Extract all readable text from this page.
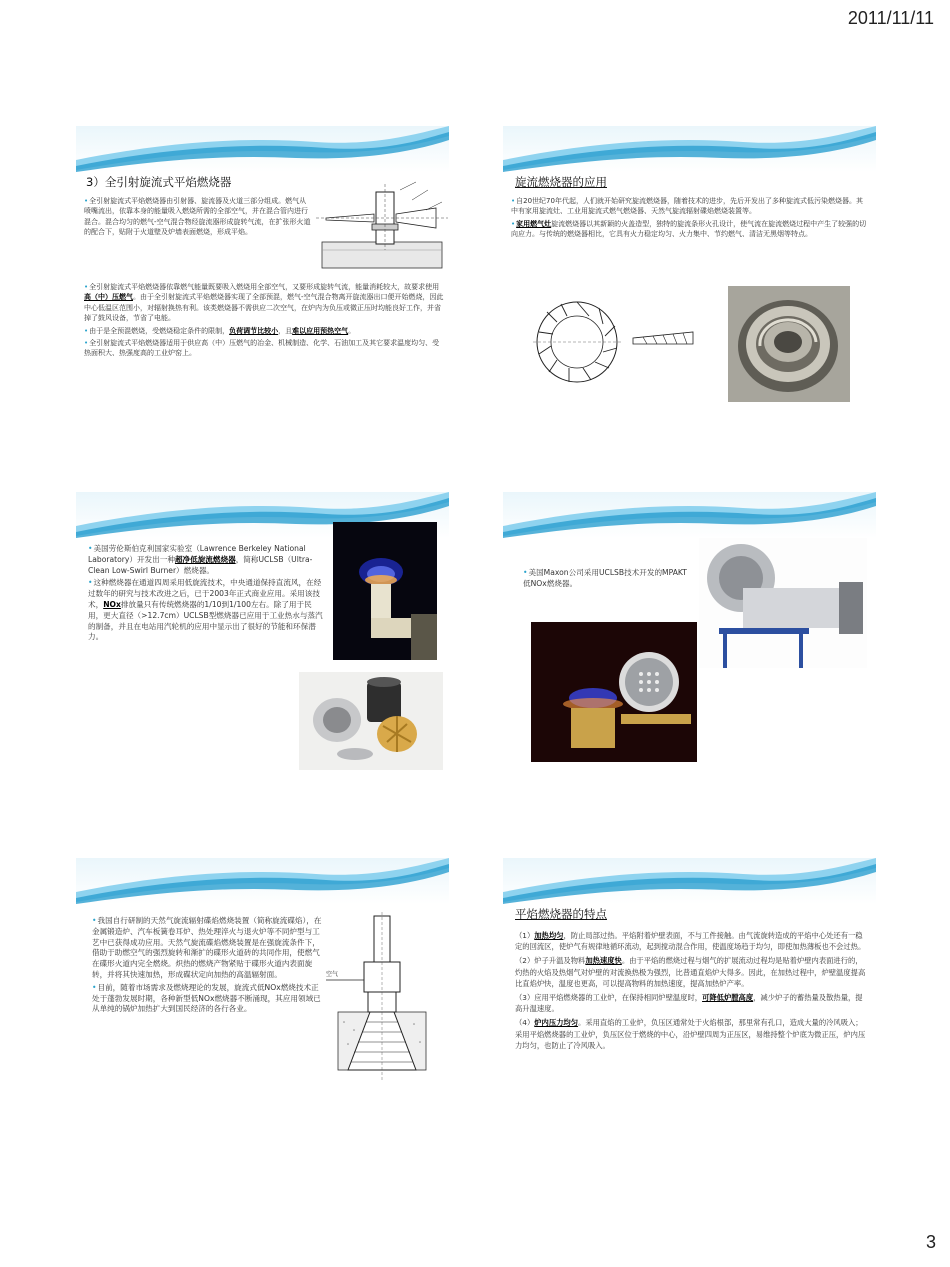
2011/11/11
3）全引射旋流式平焰燃烧器

• 全引射旋流式平焰燃烧器由引射器、旋流器及火道三部分组成。燃气从喷嘴流出，依靠本身的能量吸入燃烧所需的全部空气，并在混合管内进行混合。混合均匀的燃气-空气混合物经旋流器形成旋转气流，在扩张形火道的配合下，贴附于火道壁及炉墙表面燃烧，形成平焰。

• 全引射旋流式平焰燃烧器依靠燃气能量既要吸入燃烧用全部空气，又要形成旋转气流，能量消耗较大，故要求使用高（中）压燃气。由于全引射旋流式平焰燃烧器实现了全部预混，燃气-空气混合物离开旋流器出口便开始燃烧，因此中心低温区范围小，对辐射换热有利。该类燃烧器不需供应二次空气，在炉内为负压或微正压时均能良好工作，并省掉了鼓风设备，节省了电能。

• 由于是全预混燃烧，受燃烧稳定条件的限制，负荷调节比较小，且难以应用预热空气。

• 全引射旋流式平焰燃烧器适用于供应高（中）压燃气的冶金、机械制造、化学、石油加工及其它要求温度均匀、受热面积大、热强度高的工业炉窑上。

旋流燃烧器的应用

• 自20世纪70年代起，人们就开始研究旋流燃烧器，随着技术的进步，先后开发出了多种旋流式低污染燃烧器。其中有家用旋流灶、工业用旋流式燃气燃烧器、天然气旋流辐射碟焰燃烧装置等。

• 家用燃气灶旋流燃烧器以其新颖的火盖造型，独特的旋流条形火孔设计，使气流在旋流燃烧过程中产生了较强的切向应力。与传统的燃烧器相比，它具有火力稳定均匀、火力集中、节约燃气、清洁无黑烟等特点。

• 美国劳伦斯伯克利国家实验室（Lawrence Berkeley National Laboratory）开发出一种超净低旋流燃烧器，简称UCLSB（Ultra-Clean Low-Swirl Burner）燃烧器。

• 这种燃烧器在通道四周采用低旋流技术，中央通道保持直流风，在经过数年的研究与技术改进之后，已于2003年正式商业应用。采用该技术，NOx排放量只有传统燃烧器的1/10到1/100左右。除了用于民用，更大直径（>12.7cm）UCLSB型燃烧器已应用于工业热水与蒸汽的制备，并且在电站用汽轮机的应用中显示出了很好的节能和环保潜力。

• 美国Maxon公司采用UCLSB技术开发的MPAKT低NOx燃烧器。

• 我国自行研制的天然气旋流辐射碟焰燃烧装置（简称旋流碟焰），在金属锻造炉、汽车板簧卷耳炉、热处理淬火与退火炉等不同炉型与工艺中已获得成功应用。天然气旋流碟焰燃烧装置是在强旋流条件下，借助于助燃空气的强烈旋转和渐扩的碟形火道砖的共同作用，使燃气在碟形火道内完全燃烧。炽热的燃烧产物紧贴于碟形火道内表面旋转，并将其快速加热，形成碟状定向加热的高温辐射面。

• 目前，随着市场需求及燃烧理论的发展，旋流式低NOx燃烧技术正处于蓬勃发展时期，各种新型低NOx燃烧器不断涌现，其应用领域已从单纯的锅炉加热扩大到国民经济的各行各业。

空气
平焰燃烧器的特点
（1）加热均匀，防止局部过热。平焰附着炉壁表面，不与工件接触。由气流旋转造成的平焰中心处还有一稳定的回流区，使炉气有规律地循环流动，起到搅动混合作用，使温度场趋于均匀，即使加热薄板也不会过热。
（2）炉子升温及物料加热速度快。由于平焰的燃烧过程与烟气的扩展流动过程均是贴着炉壁内表面进行的，灼热的火焰及热烟气对炉壁的对流换热极为强烈，比普通直焰炉大得多。因此，在加热过程中，炉壁温度提高比直焰炉快，温度也更高，可以提高物料的加热速度，提高加热炉产率。
（3）应用平焰燃烧器的工业炉，在保持相同炉壁温度时，可降低炉膛高度，减少炉子的蓄热量及散热量，提高升温速度。
（4）炉内压力均匀。采用直焰的工业炉，负压区通常处于火焰根部，那里常有孔口，造成大量的冷风吸入；采用平焰燃烧器的工业炉，负压区位于燃烧的中心，沿炉壁四周为正压区，易维持整个炉底为微正压，炉内压力均匀，也防止了冷风吸入。
3
